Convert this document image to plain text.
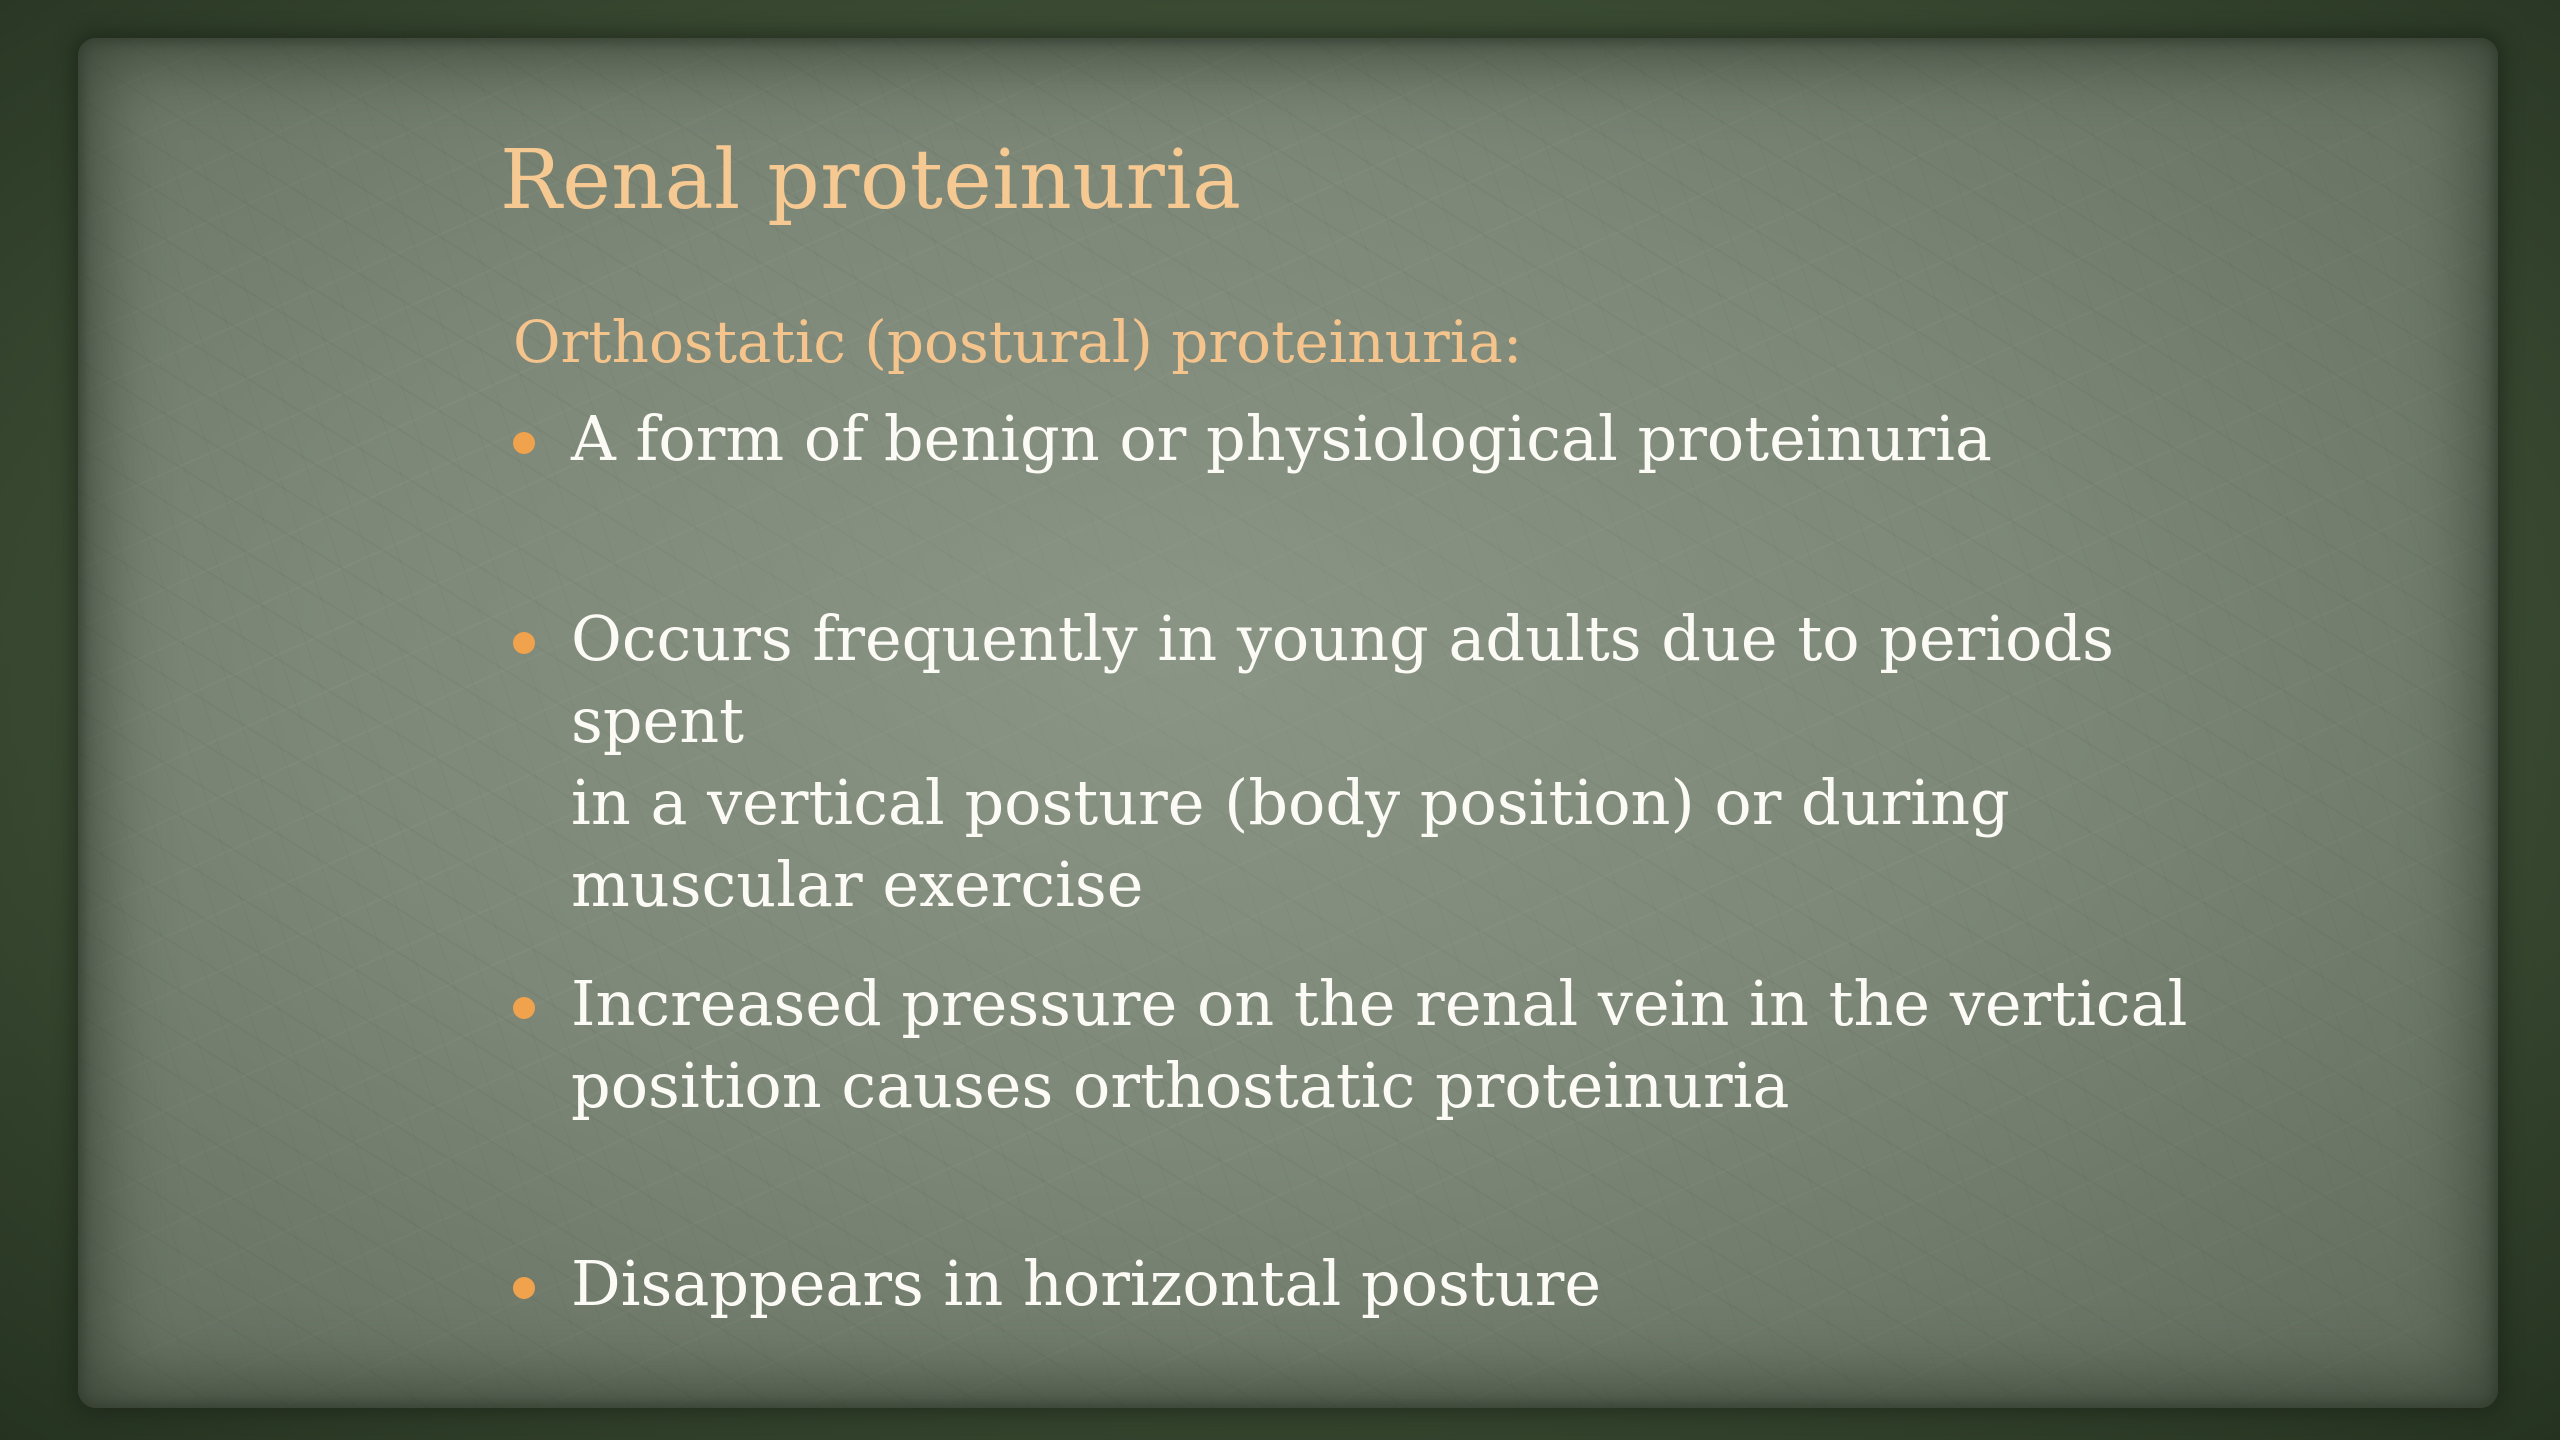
Renal proteinuria

Orthostatic (postural) proteinuria:

A form of benign or physiological proteinuria
Occurs frequently in young adults due to periods spent
in a vertical posture (body position) or during
muscular exercise
Increased pressure on the renal vein in the vertical
position causes orthostatic proteinuria
Disappears in horizontal posture
